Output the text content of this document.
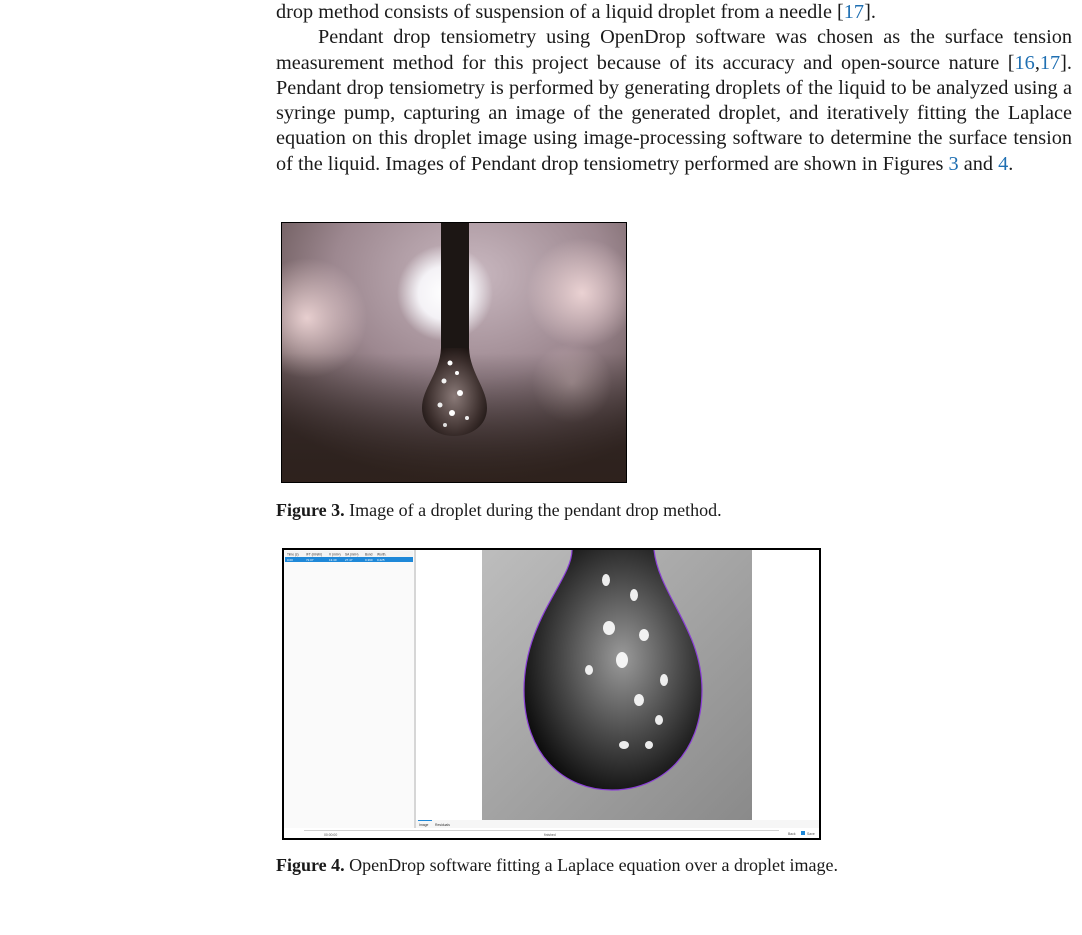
drop method consists of suspension of a liquid droplet from a needle [17].

Pendant drop tensiometry using OpenDrop software was chosen as the surface tension measurement method for this project because of its accuracy and open-source nature [16,17]. Pendant drop tensiometry is performed by generating droplets of the liquid to be analyzed using a syringe pump, capturing an image of the generated droplet, and iteratively fitting the Laplace equation on this droplet image using image-processing software to determine the surface tension of the liquid. Images of Pendant drop tensiometry performed are shown in Figures 3 and 4.

Figure 3. Image of a droplet during the pendant drop method.
Time (s) IFT (mN/m) V (mm³) SA (mm²) Bond Worth.
0.00	72.07	13.40	27.47	0.390 0.225
Image Residuals
00:00:00	finished	Back	Save
Figure 4. OpenDrop software fitting a Laplace equation over a droplet image.
